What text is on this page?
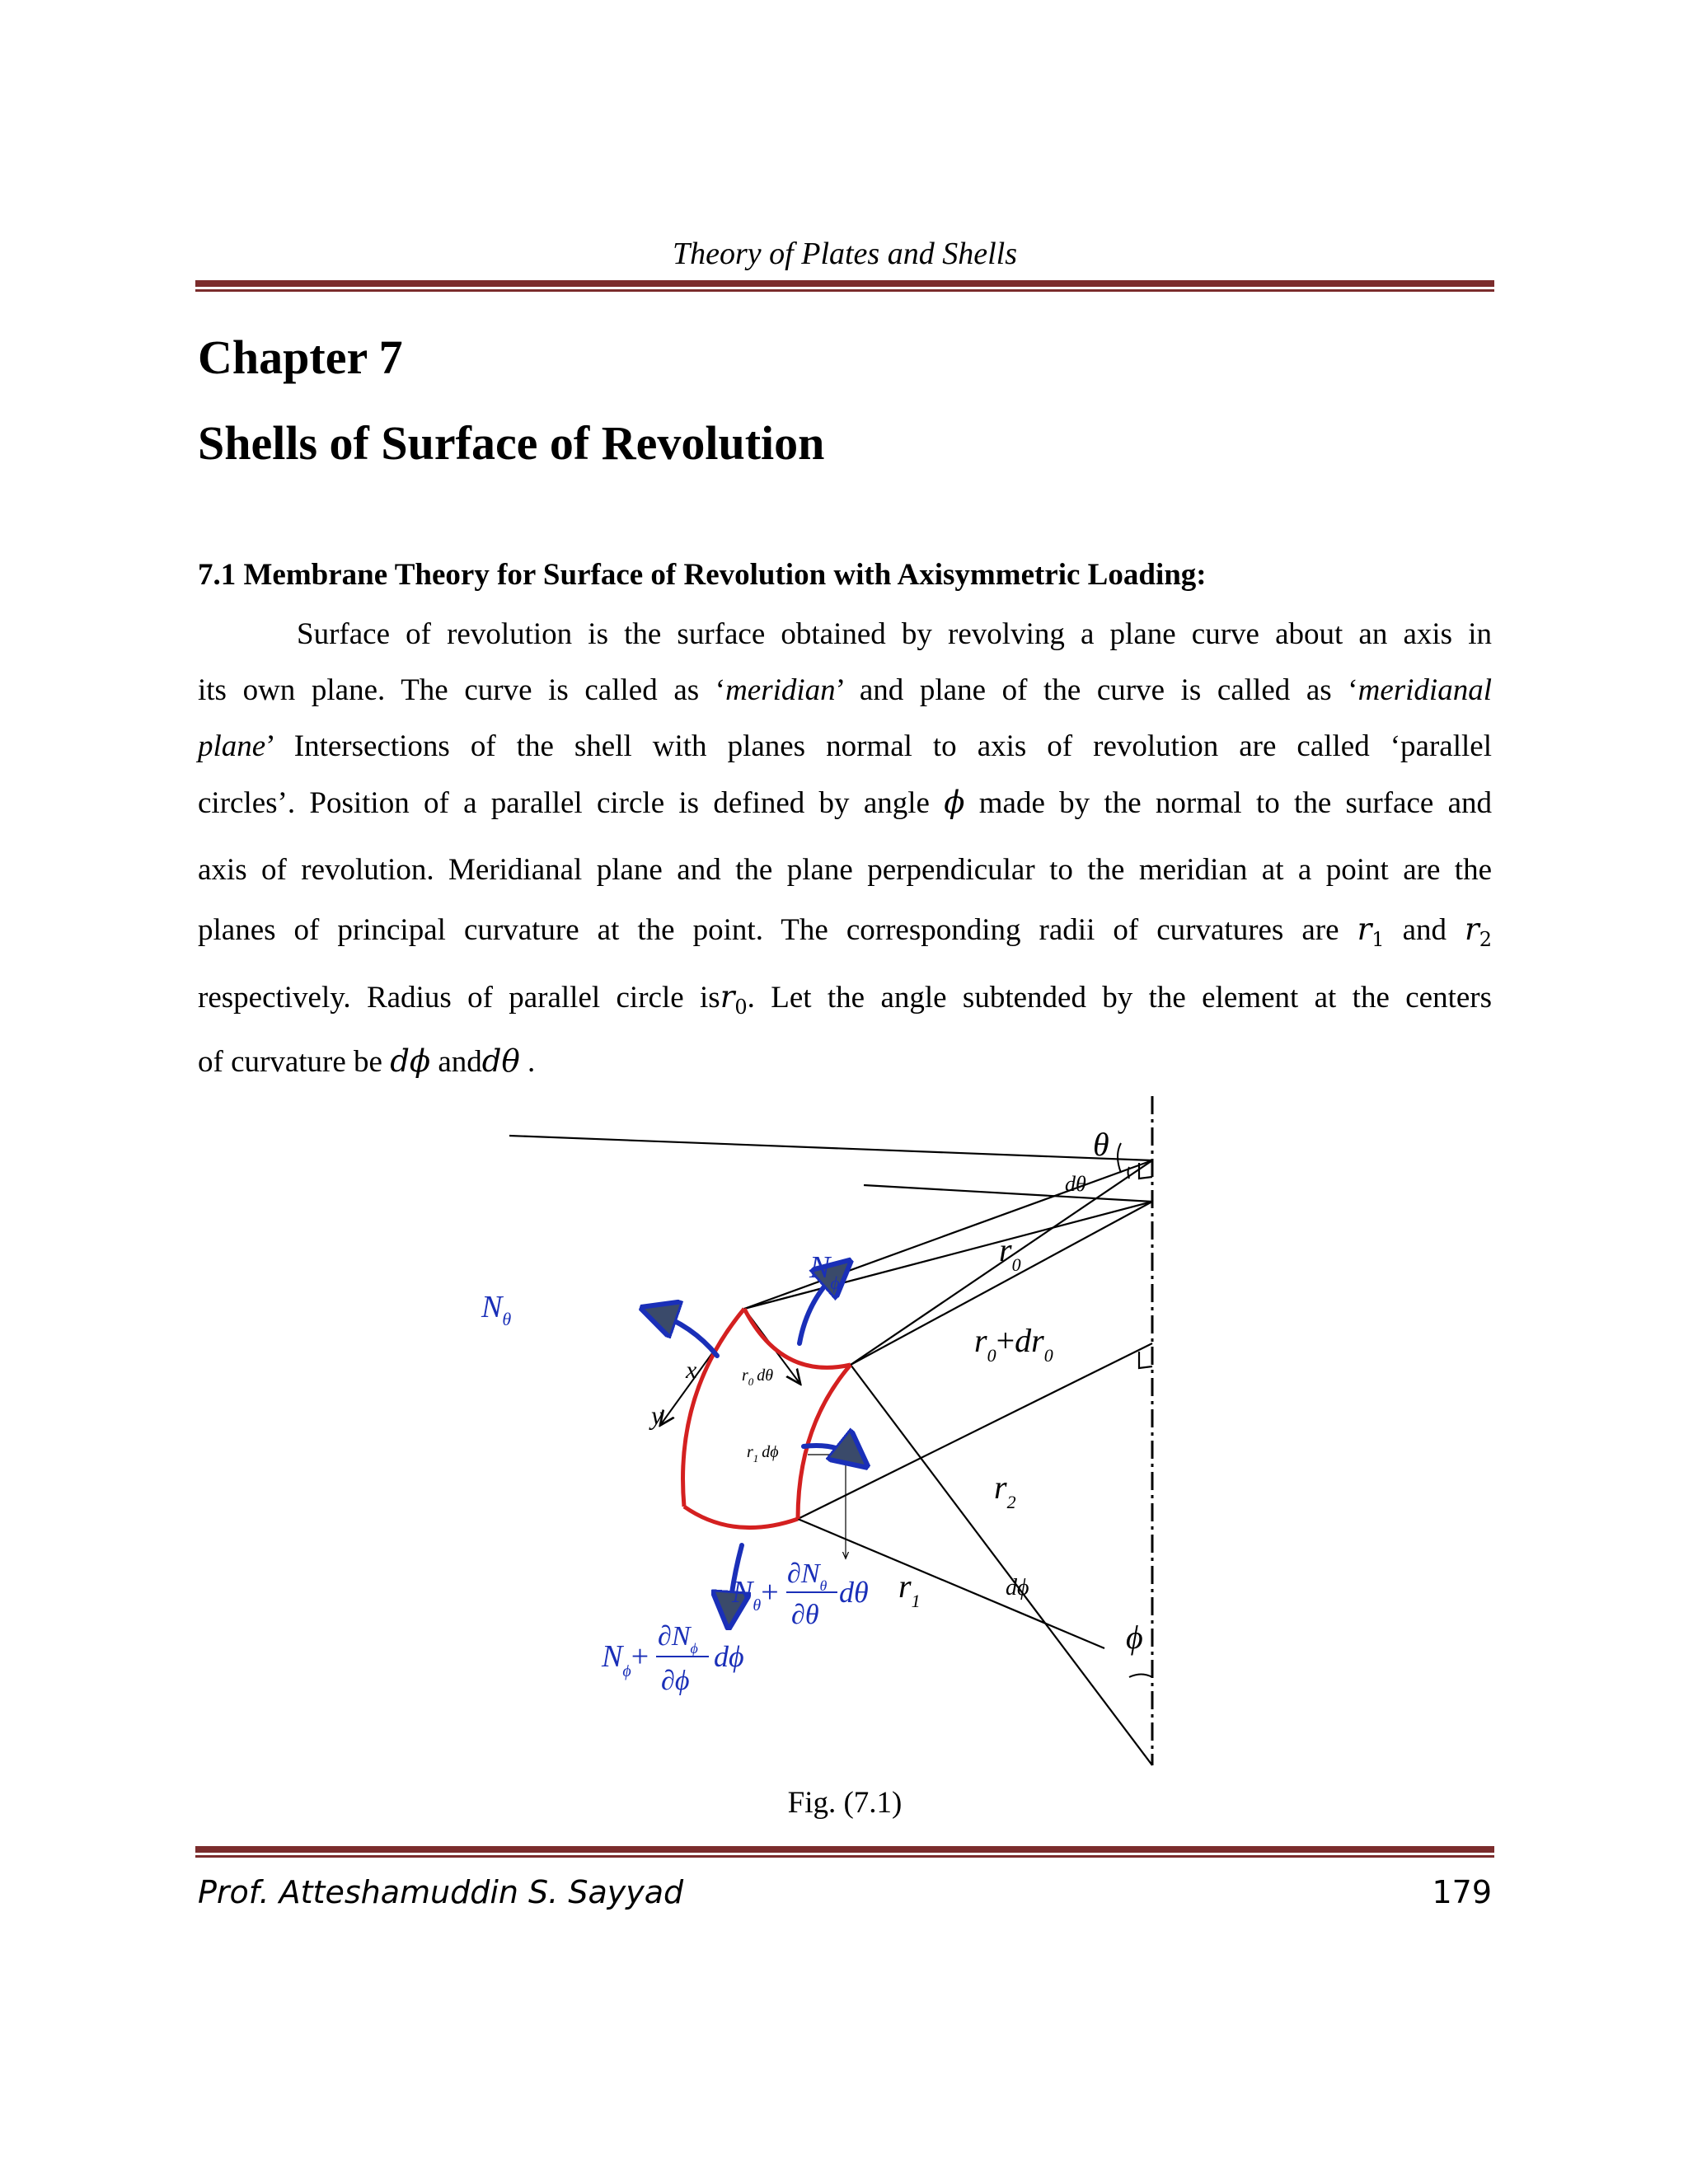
Theory of Plates and Shells
Chapter 7
Shells of Surface of Revolution
7.1 Membrane Theory for Surface of Revolution with Axisymmetric Loading:
Surface of revolution is the surface obtained by revolving a plane curve about an axis in
its own plane. The curve is called as ‘meridian’ and plane of the curve is called as ‘meridianal
plane’ Intersections of the shell with planes normal to axis of revolution are called ‘parallel
circles’. Position of a parallel circle is defined by angle ϕ made by the normal to the surface and
axis of revolution. Meridianal plane and the plane perpendicular to the meridian at a point are the
planes of principal curvature at the point. The corresponding radii of curvatures are $r_1$ and $r_2$
respectively. Radius of parallel circle isr$_0$. Let the angle subtended by the element at the centers
of curvature be dϕ anddθ .
θ
dθ
$r_0$
$r_0+dr_0$
$r_2$
$r_1$
dϕ
ϕ
x
y
$r_0$ dθ
$r_1$ dϕ
$N_\theta$
$N_\phi$
$N_\theta+$
$\partial N_\theta$
∂θ
dθ
$N_\phi+$
$\partial N_\phi$
∂ϕ
dϕ
Fig. (7.1)
Prof. Atteshamuddin S. Sayyad	179
